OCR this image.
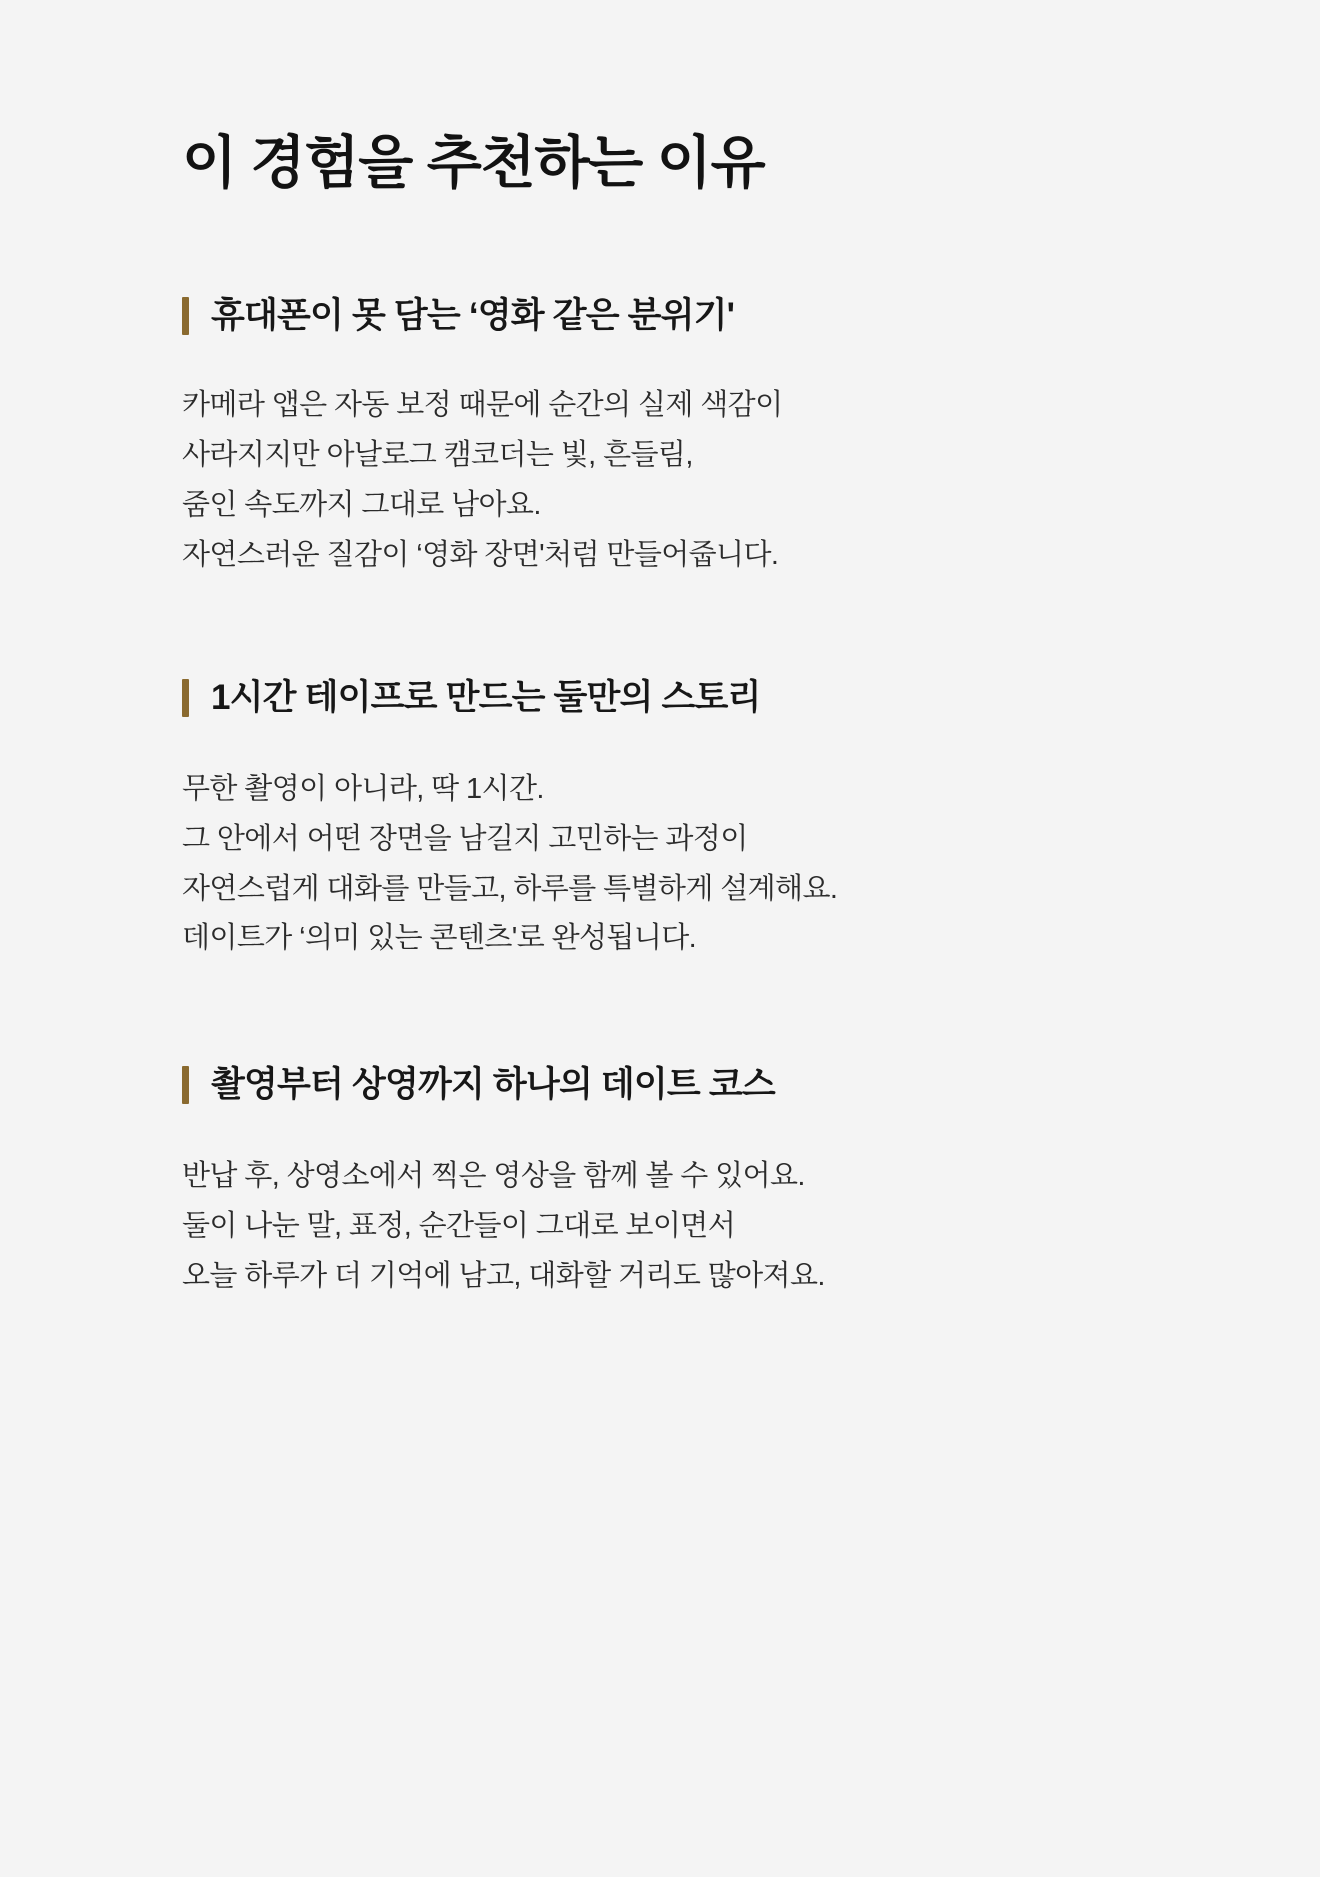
이 경험을 추천하는 이유
휴대폰이 못 담는 ‘영화 같은 분위기'
카메라 앱은 자동 보정 때문에 순간의 실제 색감이
사라지지만 아날로그 캠코더는 빛, 흔들림,
줌인 속도까지 그대로 남아요.
자연스러운 질감이 ‘영화 장면'처럼 만들어줍니다.
1시간 테이프로 만드는 둘만의 스토리
무한 촬영이 아니라, 딱 1시간.
그 안에서 어떤 장면을 남길지 고민하는 과정이
자연스럽게 대화를 만들고, 하루를 특별하게 설계해요.
데이트가 ‘의미 있는 콘텐츠'로 완성됩니다.
촬영부터 상영까지 하나의 데이트 코스
반납 후, 상영소에서 찍은 영상을 함께 볼 수 있어요.
둘이 나눈 말, 표정, 순간들이 그대로 보이면서
오늘 하루가 더 기억에 남고, 대화할 거리도 많아져요.
